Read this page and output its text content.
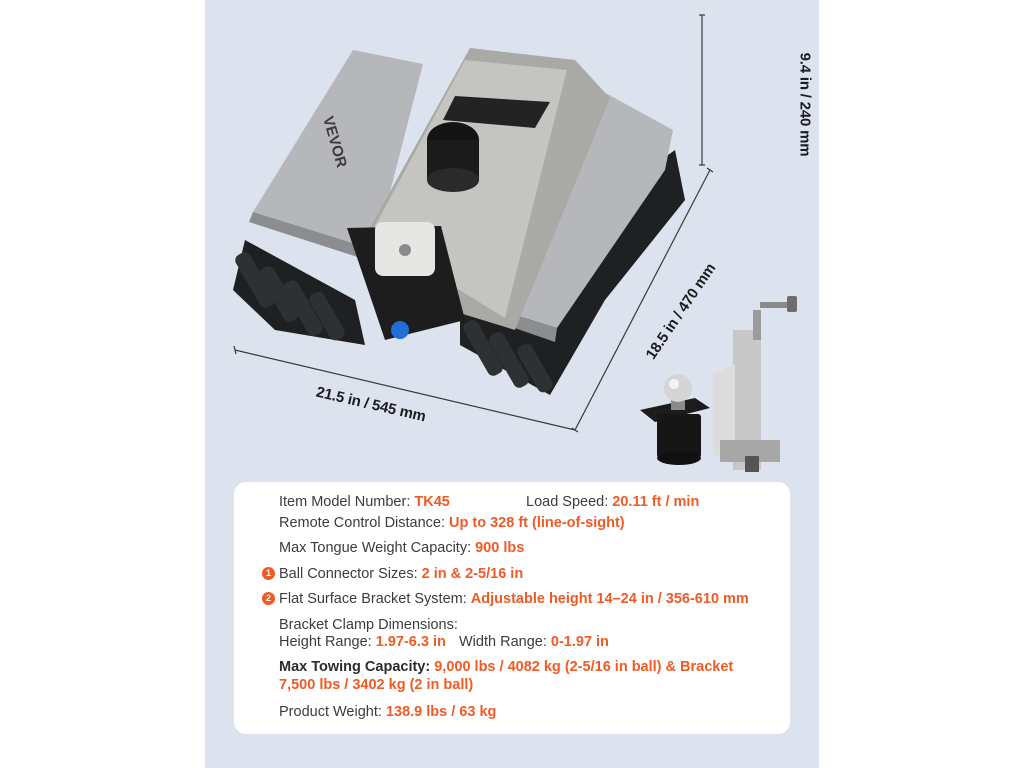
VEVOR	9.4 in / 240 mm
18.5 in / 470 mm
21.5 in / 545 mm
Item Model Number: TK45	Load Speed: 20.11 ft / min
Remote Control Distance: Up to 328 ft (line-of-sight)
Max Tongue Weight Capacity: 900 lbs
1 Ball Connector Sizes: 2 in & 2-5/16 in
2 Flat Surface Bracket System: Adjustable height 14–24 in / 356-610 mm
Bracket Clamp Dimensions:
Height Range: 1.97-6.3 in Width Range: 0-1.97 in
Max Towing Capacity: 9,000 lbs / 4082 kg (2-5/16 in ball) & Bracket
7,500 lbs / 3402 kg (2 in ball)
Product Weight: 138.9 lbs / 63 kg
